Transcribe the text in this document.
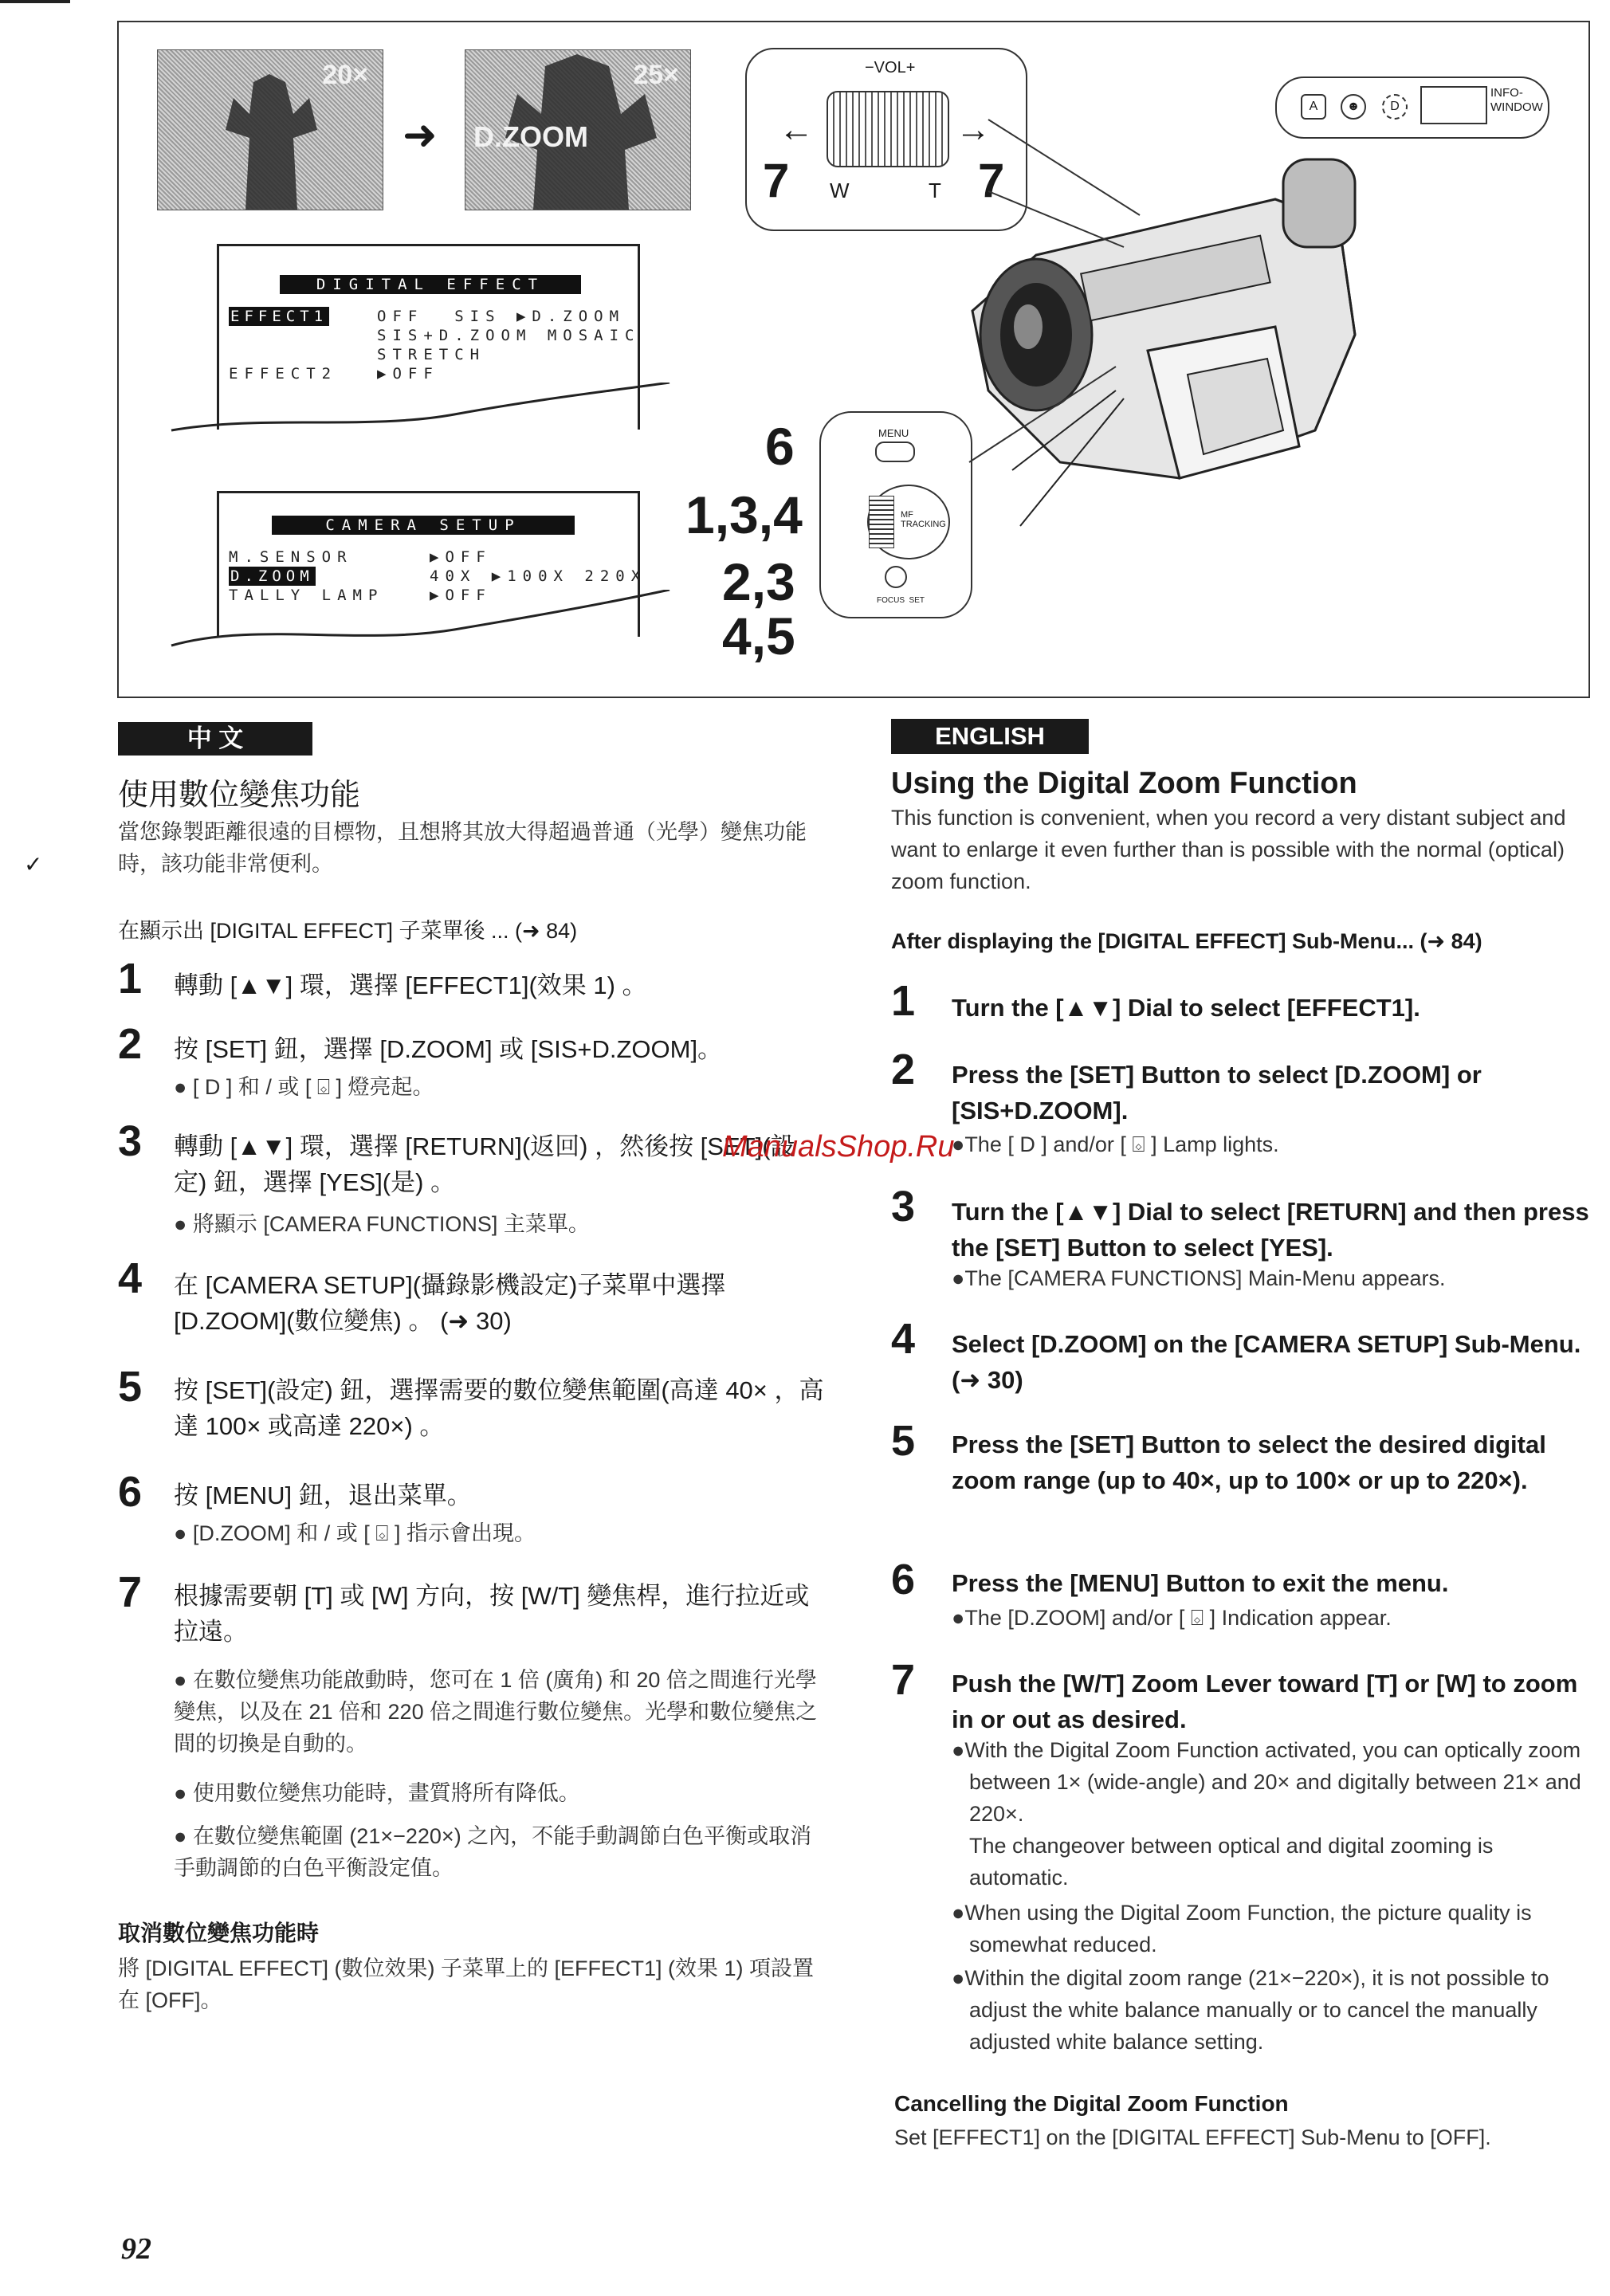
20×
➜
25×
D.ZOOM
−VOL+
←	→
7 W	T 7
A	☻	D
INFO-
WINDOW
DIGITAL EFFECT
EFFECT1	OFF  SIS ▶D.ZOOM
SIS+D.ZOOM MOSAIC
STRETCH
EFFECT2	▶OFF
CAMERA SETUP
M.SENSOR	▶OFF
D.ZOOM	40X ▶100X 220X
TALLY LAMP	▶OFF
6
1,3,4
2,3
4,5
MENU
MF
TRACKING
FOCUS  SET
中 文
使用數位變焦功能
當您錄製距離很遠的目標物，且想將其放大得超過普通（光學）變焦功能時，該功能非常便利。
在顯示出 [DIGITAL EFFECT] 子菜單後 ... (➜ 84)
1 轉動 [▲▼] 環，選擇 [EFFECT1](效果 1) 。
2 按 [SET] 鈕，選擇 [D.ZOOM] 或 [SIS+D.ZOOM]。
● [ D ] 和 / 或 [ ⌺ ] 燈亮起。
3 轉動 [▲▼] 環，選擇 [RETURN](返回) ，然後按 [SET](設定) 鈕，選擇 [YES](是) 。
● 將顯示 [CAMERA FUNCTIONS] 主菜單。
4 在 [CAMERA SETUP](攝錄影機設定)子菜單中選擇 [D.ZOOM](數位變焦) 。 (➜ 30)
5 按 [SET](設定) 鈕，選擇需要的數位變焦範圍(高達 40× ，高達 100× 或高達 220×) 。
6 按 [MENU] 鈕，退出菜單。
● [D.ZOOM] 和 / 或 [ ⌺ ] 指示會出現。
7 根據需要朝 [T] 或 [W] 方向，按 [W/T] 變焦桿，進行拉近或拉遠。
● 在數位變焦功能啟動時，您可在 1 倍 (廣角) 和 20 倍之間進行光學變焦，以及在 21 倍和 220 倍之間進行數位變焦。光學和數位變焦之間的切換是自動的。
● 使用數位變焦功能時，畫質將所有降低。
● 在數位變焦範圍 (21×−220×) 之內，不能手動調節白色平衡或取消手動調節的白色平衡設定值。
取消數位變焦功能時
將 [DIGITAL EFFECT] (數位效果) 子菜單上的 [EFFECT1] (效果 1) 項設置在 [OFF]。
ENGLISH
Using the Digital Zoom Function
This function is convenient, when you record a very distant subject and want to enlarge it even further than is possible with the normal (optical) zoom function.
After displaying the [DIGITAL EFFECT] Sub-Menu... (➜ 84)
1 Turn the [▲▼] Dial to select [EFFECT1].
2 Press the [SET] Button to select [D.ZOOM] or [SIS+D.ZOOM].
●The [ D ] and/or [ ⌺ ] Lamp lights.
3 Turn the [▲▼] Dial to select [RETURN] and then press the [SET] Button to select [YES].
●The [CAMERA FUNCTIONS] Main-Menu appears.
4 Select [D.ZOOM] on the [CAMERA SETUP] Sub-Menu. (➜ 30)
5 Press the [SET] Button to select the desired digital zoom range (up to 40×, up to 100× or up to 220×).
6 Press the [MENU] Button to exit the menu.
●The [D.ZOOM] and/or [ ⌺ ] Indication appear.
7 Push the [W/T] Zoom Lever toward [T] or [W] to zoom in or out as desired.
●With the Digital Zoom Function activated, you can optically zoom between 1× (wide-angle) and 20× and digitally between 21× and 220×.
The changeover between optical and digital zooming is automatic.
●When using the Digital Zoom Function, the picture quality is somewhat reduced.
●Within the digital zoom range (21×−220×), it is not possible to adjust the white balance manually or to cancel the manually adjusted white balance setting.
Cancelling the Digital Zoom Function
Set [EFFECT1] on the [DIGITAL EFFECT] Sub-Menu to [OFF].
ManualsShop.Ru
✓
92
